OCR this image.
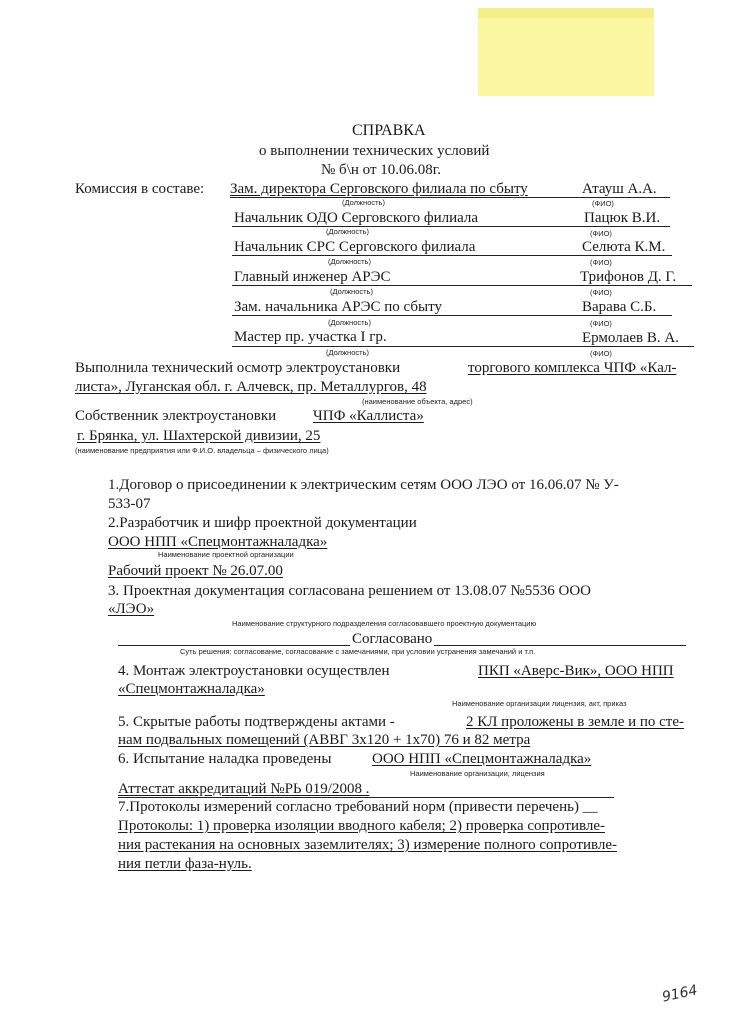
СПРАВКА
о выполнении технических условий
№ б\н от 10.06.08г.
Комиссия в составе: Зам. директора Серговского филиала по сбыту	Атауш А.А.
(Должность)	(ФИО)
Начальник ОДО Серговского филиала	Пацюк В.И.
(Должность)	(ФИО)
Начальник СРС Серговского филиала	Селюта К.М.
(Должность)	(ФИО)
Главный инженер АРЭС	Трифонов Д. Г.
(Должность)	(ФИО)
Зам. начальника АРЭС по сбыту	Варава С.Б.
(Должность)	(ФИО)
Мастер пр. участка I гр.	Ермолаев В. А.
(Должность)	(ФИО)
Выполнила технический осмотр электроустановки	торгового комплекса ЧПФ «Кал-
листа», Луганская обл. г. Алчевск, пр. Металлургов, 48
(наименование объекта, адрес)
Собственник электроустановки ЧПФ «Каллиста»
г. Брянка, ул. Шахтерской дивизии, 25
(наименование предприятия или Ф.И.О. владельца – физического лица)
1.Договор о присоединении к электрическим сетям ООО ЛЭО от 16.06.07 № У-
533-07
2.Разработчик и шифр проектной документации
ООО НПП «Спецмонтажналадка»
Наименование проектной организации
Рабочий проект № 26.07.00
3. Проектная документация согласована решением от 13.08.07 №5536 ООО
«ЛЭО»
Наименование структурного подразделения согласовавшего проектную документацию
Согласовано
Суть решения: согласование, согласование с замечаниями, при условии устранения замечаний и т.п.
4. Монтаж электроустановки осуществлен	ПКП «Аверс-Вик», ООО НПП
«Спецмонтажналадка»
Наименование организации лицензия, акт, приказ
5. Скрытые работы подтверждены актами -	2 КЛ проложены в земле и по сте-
нам подвальных помещений (АВВГ 3х120 + 1х70) 76 и 82 метра
6. Испытание наладка проведены	ООО НПП «Спецмонтажналадка»
Наименование организации, лицензия
Аттестат аккредитаций №РЬ 019/2008 .
7.Протоколы измерений согласно требований норм (привести перечень) __
Протоколы: 1) проверка изоляции вводного кабеля; 2) проверка сопротивле-
ния растекания на основных заземлителях; 3) измерение полного сопротивле-
ния петли фаза-нуль.
9164
